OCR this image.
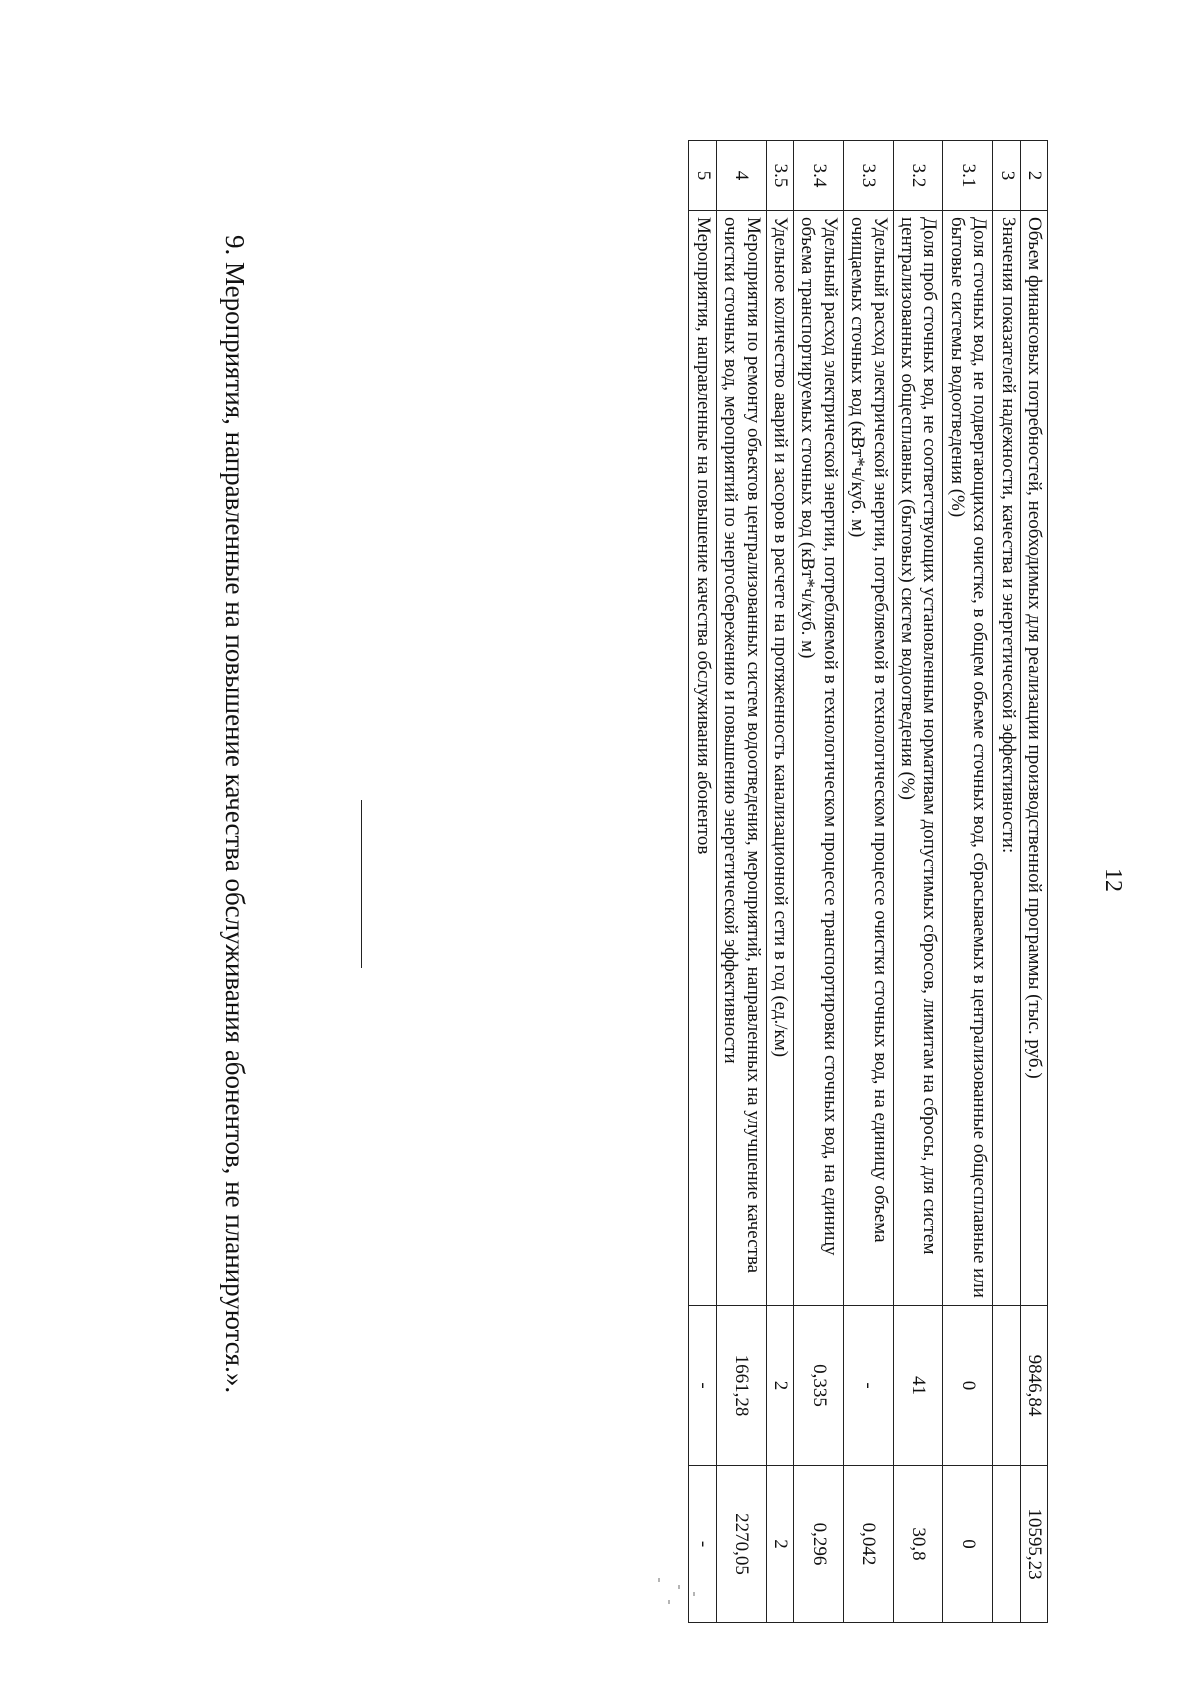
12
2	Объем финансовых потребностей, необходимых для реализации производственной программы (тыс. руб.)	9846,84	10595,23
3	Значения показателей надежности, качества и энергетической эффективности:		
3.1	Доля сточных вод, не подвергающихся очистке, в общем объеме сточных вод, сбрасываемых в централизованные общесплавные или бытовые системы водоотведения (%)	0	0
3.2	Доля проб сточных вод, не соответствующих установленным нормативам допустимых сбросов, лимитам на сбросы, для систем централизованных общесплавных (бытовых) систем водоотведения (%)	41	30,8
3.3	Удельный расход электрической энергии, потребляемой в технологическом процессе очистки сточных вод, на единицу объема очищаемых сточных вод (кВт*ч/куб. м)	-	0,042
3.4	Удельный расход электрической энергии, потребляемой в технологическом процессе транспортировки сточных вод, на единицу объема транспортируемых сточных вод (кВт*ч/куб. м)	0,335	0,296
3.5	Удельное количество аварий и засоров в расчете на протяженность канализационной сети в год (ед./км)	2	2
4	Мероприятия по ремонту объектов централизованных систем водоотведения, мероприятий, направленных на улучшение качества очистки сточных вод, мероприятий по энергосбережению и повышению энергетической эффективности	1661,28	2270,05
5	Мероприятия, направленные на повышение качества обслуживания абонентов	-	-
9. Мероприятия, направленные на повышение качества обслуживания абонентов, не планируются.».
